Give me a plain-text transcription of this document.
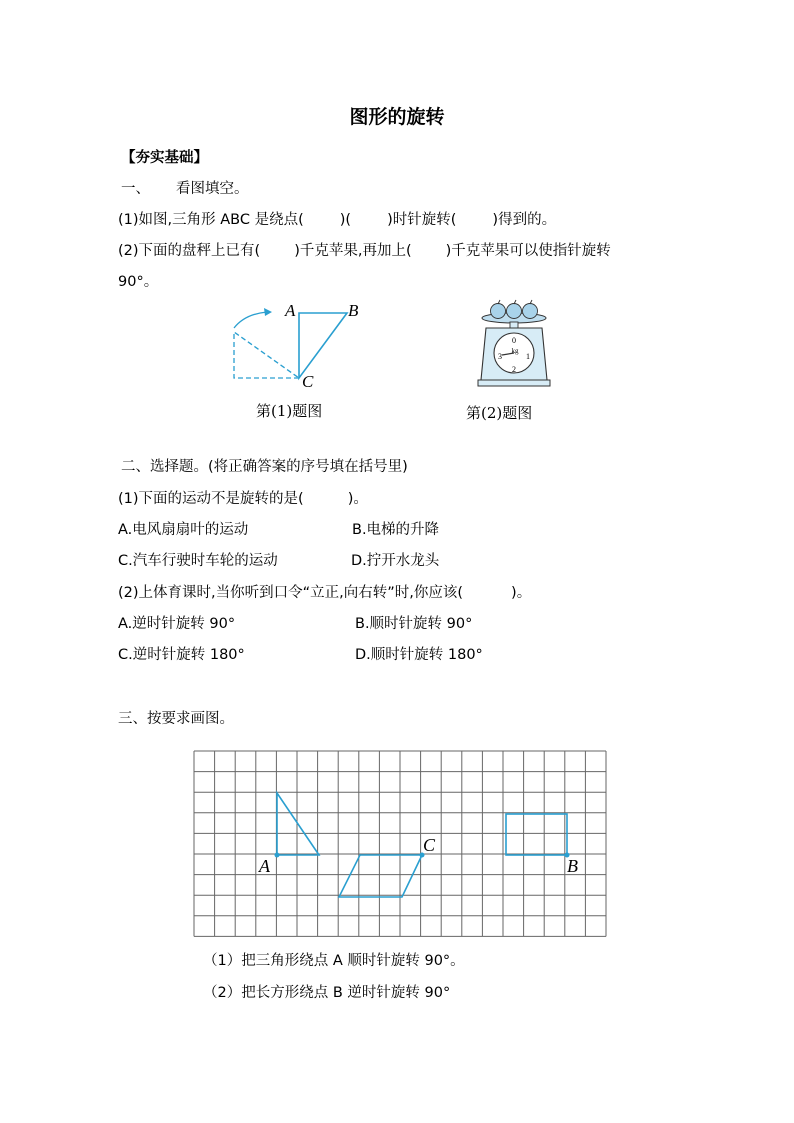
图形的旋转
【夯实基础】
一、 看图填空。
(1)如图,三角形 ABC 是绕点( )( )时针旋转( )得到的。
(2)下面的盘秤上已有( )千克苹果,再加上( )千克苹果可以使指针旋转
90°。
A	B
C
第(1)题图
0
1
2
3
kg
第(2)题图
二、选择题。(将正确答案的序号填在括号里)
(1)下面的运动不是旋转的是(	)。
A.电风扇扇叶的运动	B.电梯的升降
C.汽车行驶时车轮的运动	D.拧开水龙头
(2)上体育课时,当你听到口令“立正,向右转”时,你应该(	)。
A.逆时针旋转 90°	B.顺时针旋转 90°
C.逆时针旋转 180°	D.顺时针旋转 180°
三、按要求画图。
A
C
B
（1）把三角形绕点 A 顺时针旋转 90°。
（2）把长方形绕点 B 逆时针旋转 90°
